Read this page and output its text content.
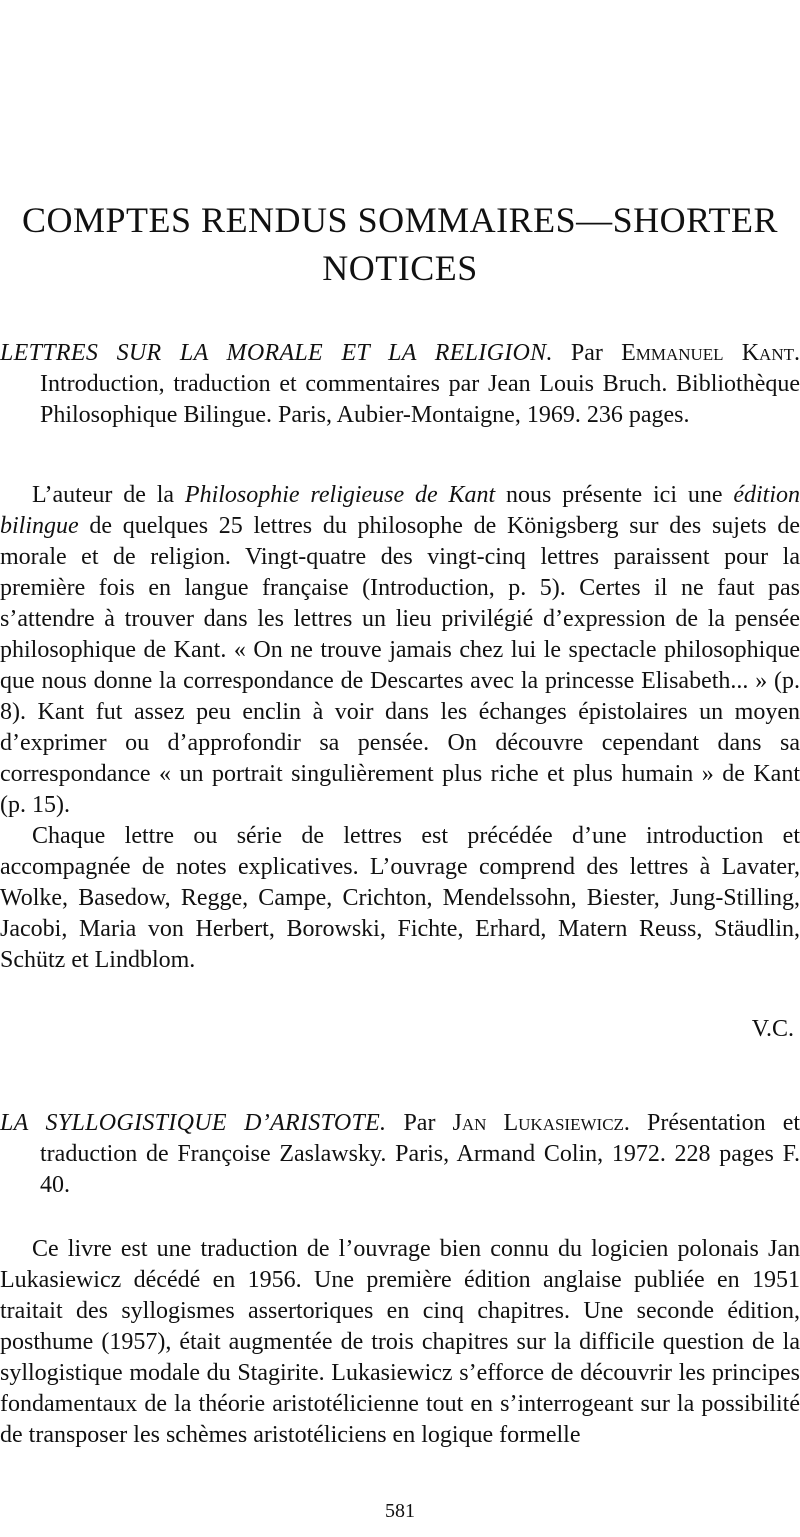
COMPTES RENDUS SOMMAIRES—SHORTER
NOTICES

LETTRES SUR LA MORALE ET LA RELIGION. Par Emmanuel Kant. Introduction, traduction et commentaires par Jean Louis Bruch. Bibliothèque Philosophique Bilingue. Paris, Aubier-Montaigne, 1969. 236 pages.

L’auteur de la Philosophie religieuse de Kant nous présente ici une édition bilingue de quelques 25 lettres du philosophe de Königsberg sur des sujets de morale et de religion. Vingt-quatre des vingt-cinq lettres paraissent pour la première fois en langue française (Introduction, p. 5). Certes il ne faut pas s’attendre à trouver dans les lettres un lieu privilégié d’expression de la pensée philosophique de Kant. « On ne trouve jamais chez lui le spectacle philosophique que nous donne la correspondance de Descartes avec la princesse Elisabeth... » (p. 8). Kant fut assez peu enclin à voir dans les échanges épistolaires un moyen d’exprimer ou d’approfondir sa pensée. On découvre cependant dans sa correspondance « un portrait singulièrement plus riche et plus humain » de Kant (p. 15).

Chaque lettre ou série de lettres est précédée d’une introduction et accompagnée de notes explicatives. L’ouvrage comprend des lettres à Lavater, Wolke, Basedow, Regge, Campe, Crichton, Mendelssohn, Biester, Jung-Stilling, Jacobi, Maria von Herbert, Borowski, Fichte, Erhard, Matern Reuss, Stäudlin, Schütz et Lindblom.

V.C.

LA SYLLOGISTIQUE D’ARISTOTE. Par Jan Lukasiewicz. Présentation et traduction de Françoise Zaslawsky. Paris, Armand Colin, 1972. 228 pages F. 40.

Ce livre est une traduction de l’ouvrage bien connu du logicien polonais Jan Lukasiewicz décédé en 1956. Une première édition anglaise publiée en 1951 traitait des syllogismes assertoriques en cinq chapitres. Une seconde édition, posthume (1957), était augmentée de trois chapitres sur la difficile question de la syllogistique modale du Stagirite. Lukasiewicz s’efforce de découvrir les principes fondamentaux de la théorie aristotélicienne tout en s’interrogeant sur la possibilité de transposer les schèmes aristotéliciens en logique formelle

581
